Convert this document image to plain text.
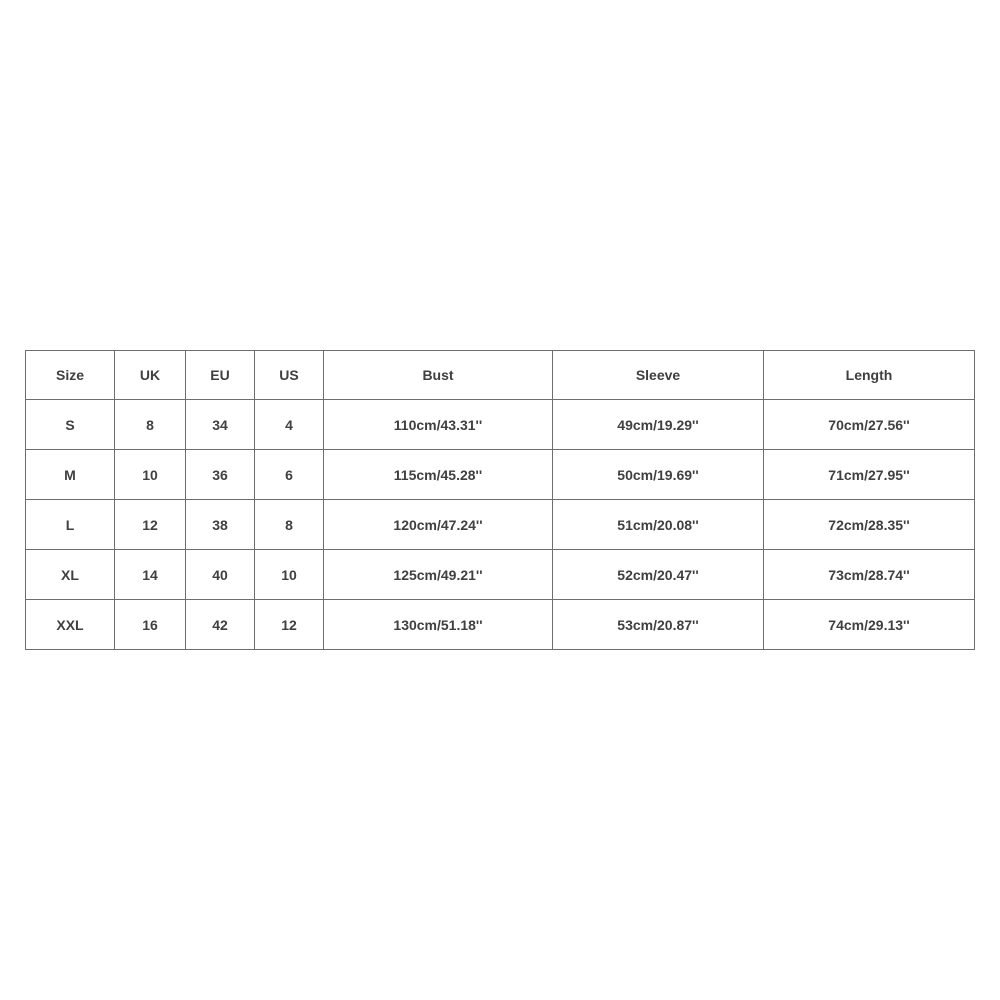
Size	UK	EU	US	Bust	Sleeve	Length
S	8	34	4	110cm/43.31''	49cm/19.29''	70cm/27.56''
M	10	36	6	115cm/45.28''	50cm/19.69''	71cm/27.95''
L	12	38	8	120cm/47.24''	51cm/20.08''	72cm/28.35''
XL	14	40	10	125cm/49.21''	52cm/20.47''	73cm/28.74''
XXL	16	42	12	130cm/51.18''	53cm/20.87''	74cm/29.13''
